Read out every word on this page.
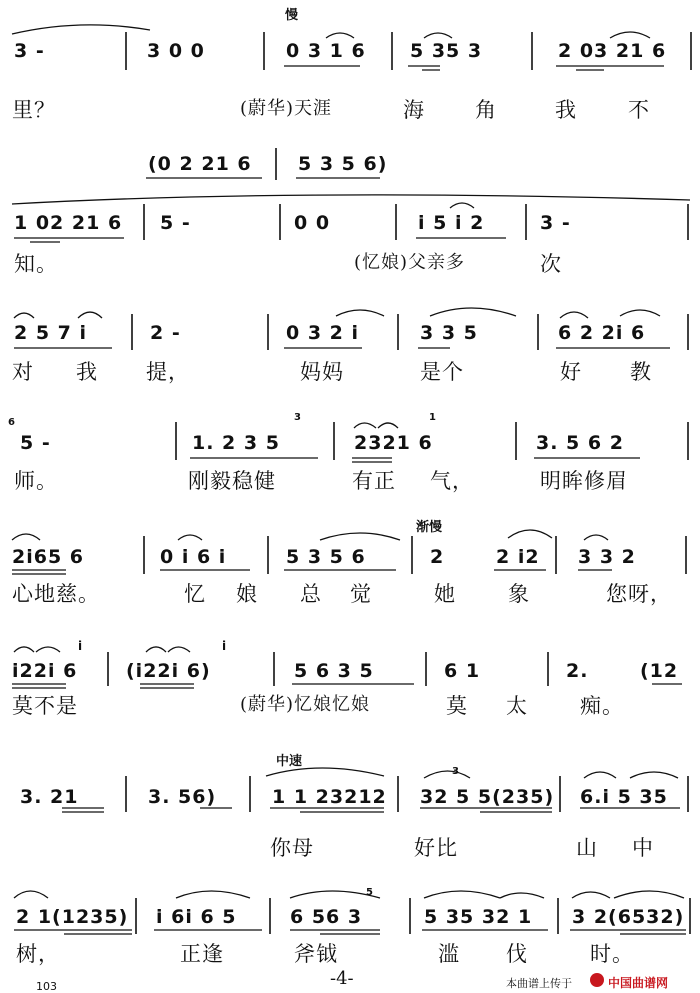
慢
3 -	3 0 0	0 3 1 6 5 35 3	2 03 21 6
里？	(蔚华)天涯	海 角	我 不
(0 2 21 6 5 3 5 6)
1 02 21 6 5 -	0 0	i 5 i 2	3 -
知。	(忆娘)父亲多	次
2 5 7 i	2 -	0 3 2 i	3 3 5	6 2 2i 6
对 我 提，	妈妈	是个	好 教
6
5 -	1. 2 3 5
3
2321 6
1
3. 5 6 2
师。	刚毅稳健	有正 气，	明眸修眉
渐慢
2i65 6	0 i 6 i	5 3 5 6	2	2 i2 3 3 2
心地慈。	忆 娘 总 觉	她 象	您呀，
i
i22i 6
i
(i22i 6)	5 6 3 5	6 1	2.	(12
莫不是	(蔚华)忆娘忆娘	莫 太 痴。
中速
3. 21	3. 56)	1 1 23212
3
32 5 5(235) 6.i 5 35
你母	好比	山 中
2 1(1235) i 6i 6 5
5
6 56 3	5 35 32 1 3 2(6532)
树，	正逢	斧钺	滥 伐	时。
103	-4-	本曲谱上传于	中国曲谱网
